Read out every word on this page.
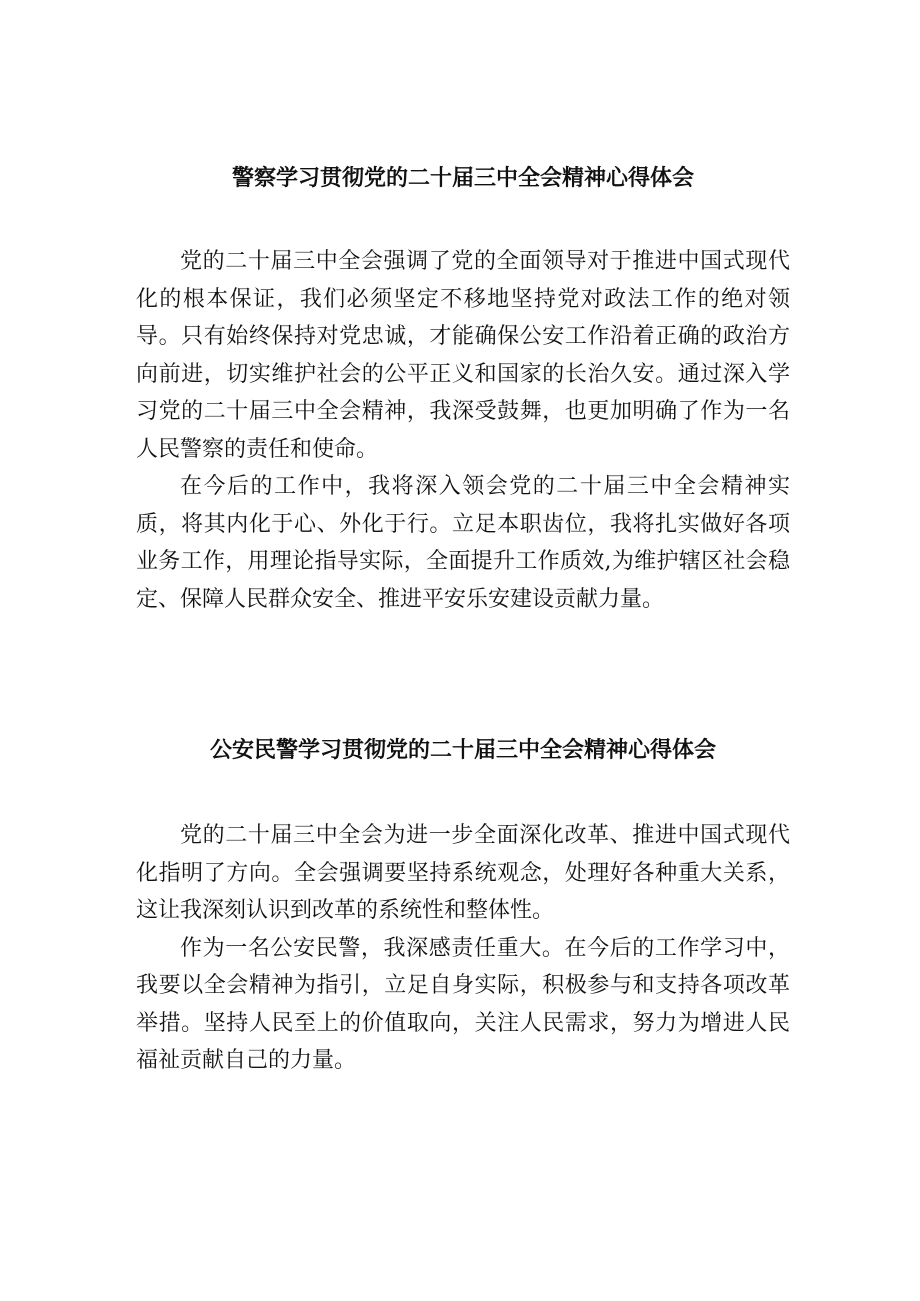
警察学习贯彻党的二十届三中全会精神心得体会

党的二十届三中全会强调了党的全面领导对于推进中国式现代化的根本保证，我们必须坚定不移地坚持党对政法工作的绝对领导。只有始终保持对党忠诚，才能确保公安工作沿着正确的政治方向前进，切实维护社会的公平正义和国家的长治久安。通过深入学习党的二十届三中全会精神，我深受鼓舞，也更加明确了作为一名人民警察的责任和使命。

在今后的工作中，我将深入领会党的二十届三中全会精神实质，将其内化于心、外化于行。立足本职齿位，我将扎实做好各项业务工作，用理论指导实际，全面提升工作质效,为维护辖区社会稳定、保障人民群众安全、推进平安乐安建设贡献力量。

公安民警学习贯彻党的二十届三中全会精神心得体会

党的二十届三中全会为进一步全面深化改革、推进中国式现代化指明了方向。全会强调要坚持系统观念，处理好各种重大关系，这让我深刻认识到改革的系统性和整体性。

作为一名公安民警，我深感责任重大。在今后的工作学习中，我要以全会精神为指引，立足自身实际，积极参与和支持各项改革举措。坚持人民至上的价值取向，关注人民需求，努力为增进人民福祉贡献自己的力量。
